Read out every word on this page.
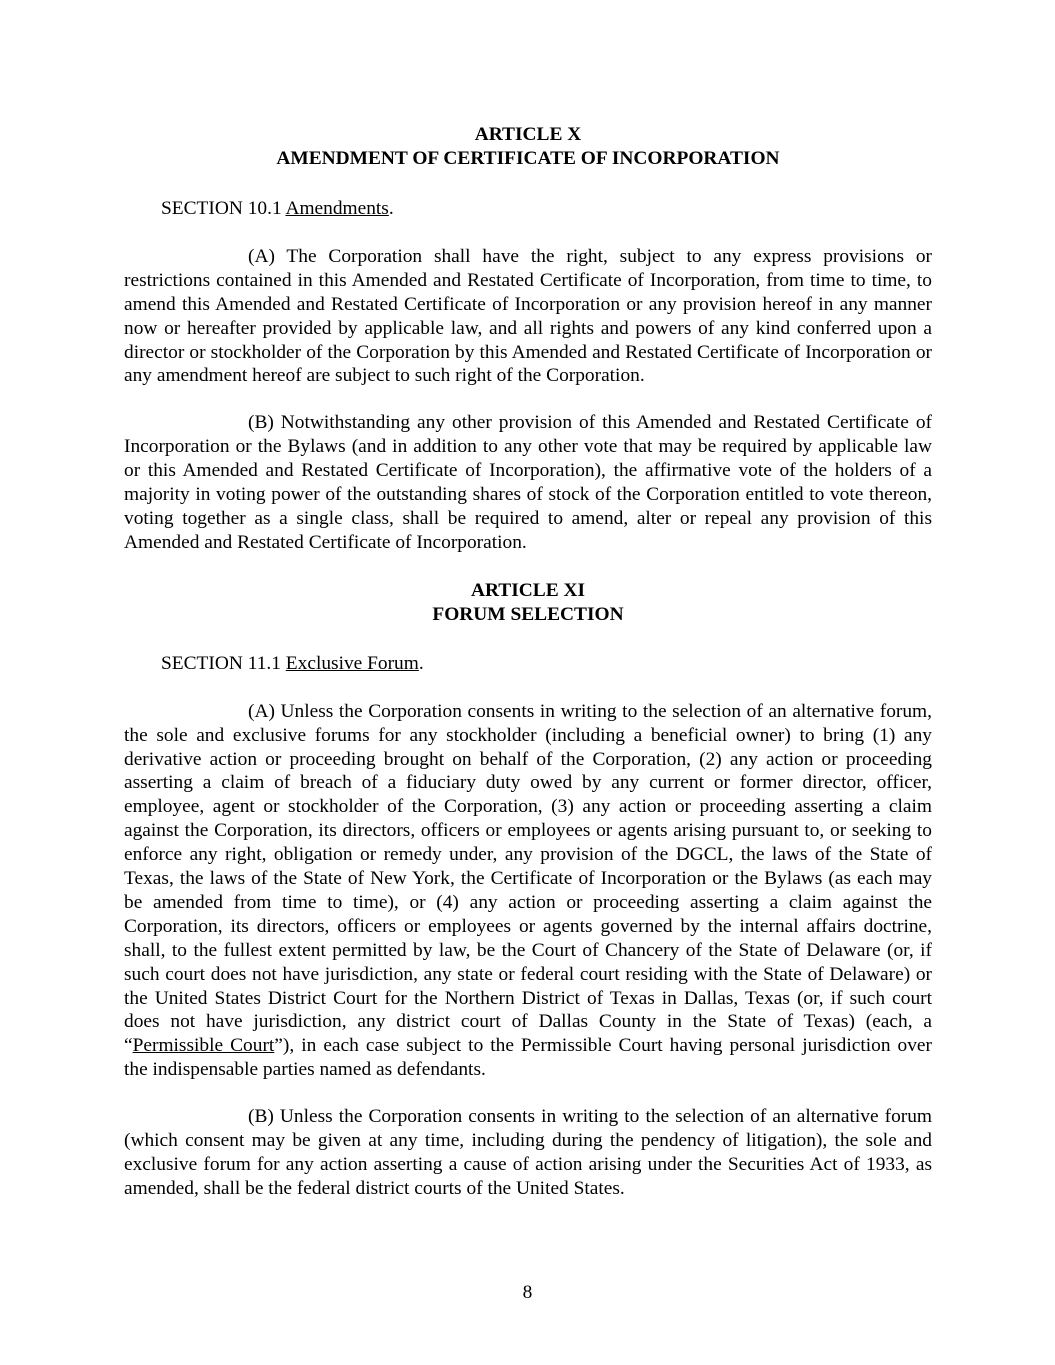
ARTICLE X
AMENDMENT OF CERTIFICATE OF INCORPORATION
SECTION 10.1 Amendments.

(A) The Corporation shall have the right, subject to any express provisions or restrictions contained in this Amended and Restated Certificate of Incorporation, from time to time, to amend this Amended and Restated Certificate of Incorporation or any provision hereof in any manner now or hereafter provided by applicable law, and all rights and powers of any kind conferred upon a director or stockholder of the Corporation by this Amended and Restated Certificate of Incorporation or any amendment hereof are subject to such right of the Corporation.

(B) Notwithstanding any other provision of this Amended and Restated Certificate of Incorporation or the Bylaws (and in addition to any other vote that may be required by applicable law or this Amended and Restated Certificate of Incorporation), the affirmative vote of the holders of a majority in voting power of the outstanding shares of stock of the Corporation entitled to vote thereon, voting together as a single class, shall be required to amend, alter or repeal any provision of this Amended and Restated Certificate of Incorporation.

ARTICLE XI
FORUM SELECTION
SECTION 11.1 Exclusive Forum.

(A) Unless the Corporation consents in writing to the selection of an alternative forum, the sole and exclusive forums for any stockholder (including a beneficial owner) to bring (1) any derivative action or proceeding brought on behalf of the Corporation, (2) any action or proceeding asserting a claim of breach of a fiduciary duty owed by any current or former director, officer, employee, agent or stockholder of the Corporation, (3) any action or proceeding asserting a claim against the Corporation, its directors, officers or employees or agents arising pursuant to, or seeking to enforce any right, obligation or remedy under, any provision of the DGCL, the laws of the State of Texas, the laws of the State of New York, the Certificate of Incorporation or the Bylaws (as each may be amended from time to time), or (4) any action or proceeding asserting a claim against the Corporation, its directors, officers or employees or agents governed by the internal affairs doctrine, shall, to the fullest extent permitted by law, be the Court of Chancery of the State of Delaware (or, if such court does not have jurisdiction, any state or federal court residing with the State of Delaware) or the United States District Court for the Northern District of Texas in Dallas, Texas (or, if such court does not have jurisdiction, any district court of Dallas County in the State of Texas) (each, a “Permissible Court”), in each case subject to the Permissible Court having personal jurisdiction over the indispensable parties named as defendants.

(B) Unless the Corporation consents in writing to the selection of an alternative forum (which consent may be given at any time, including during the pendency of litigation), the sole and exclusive forum for any action asserting a cause of action arising under the Securities Act of 1933, as amended, shall be the federal district courts of the United States.

8
